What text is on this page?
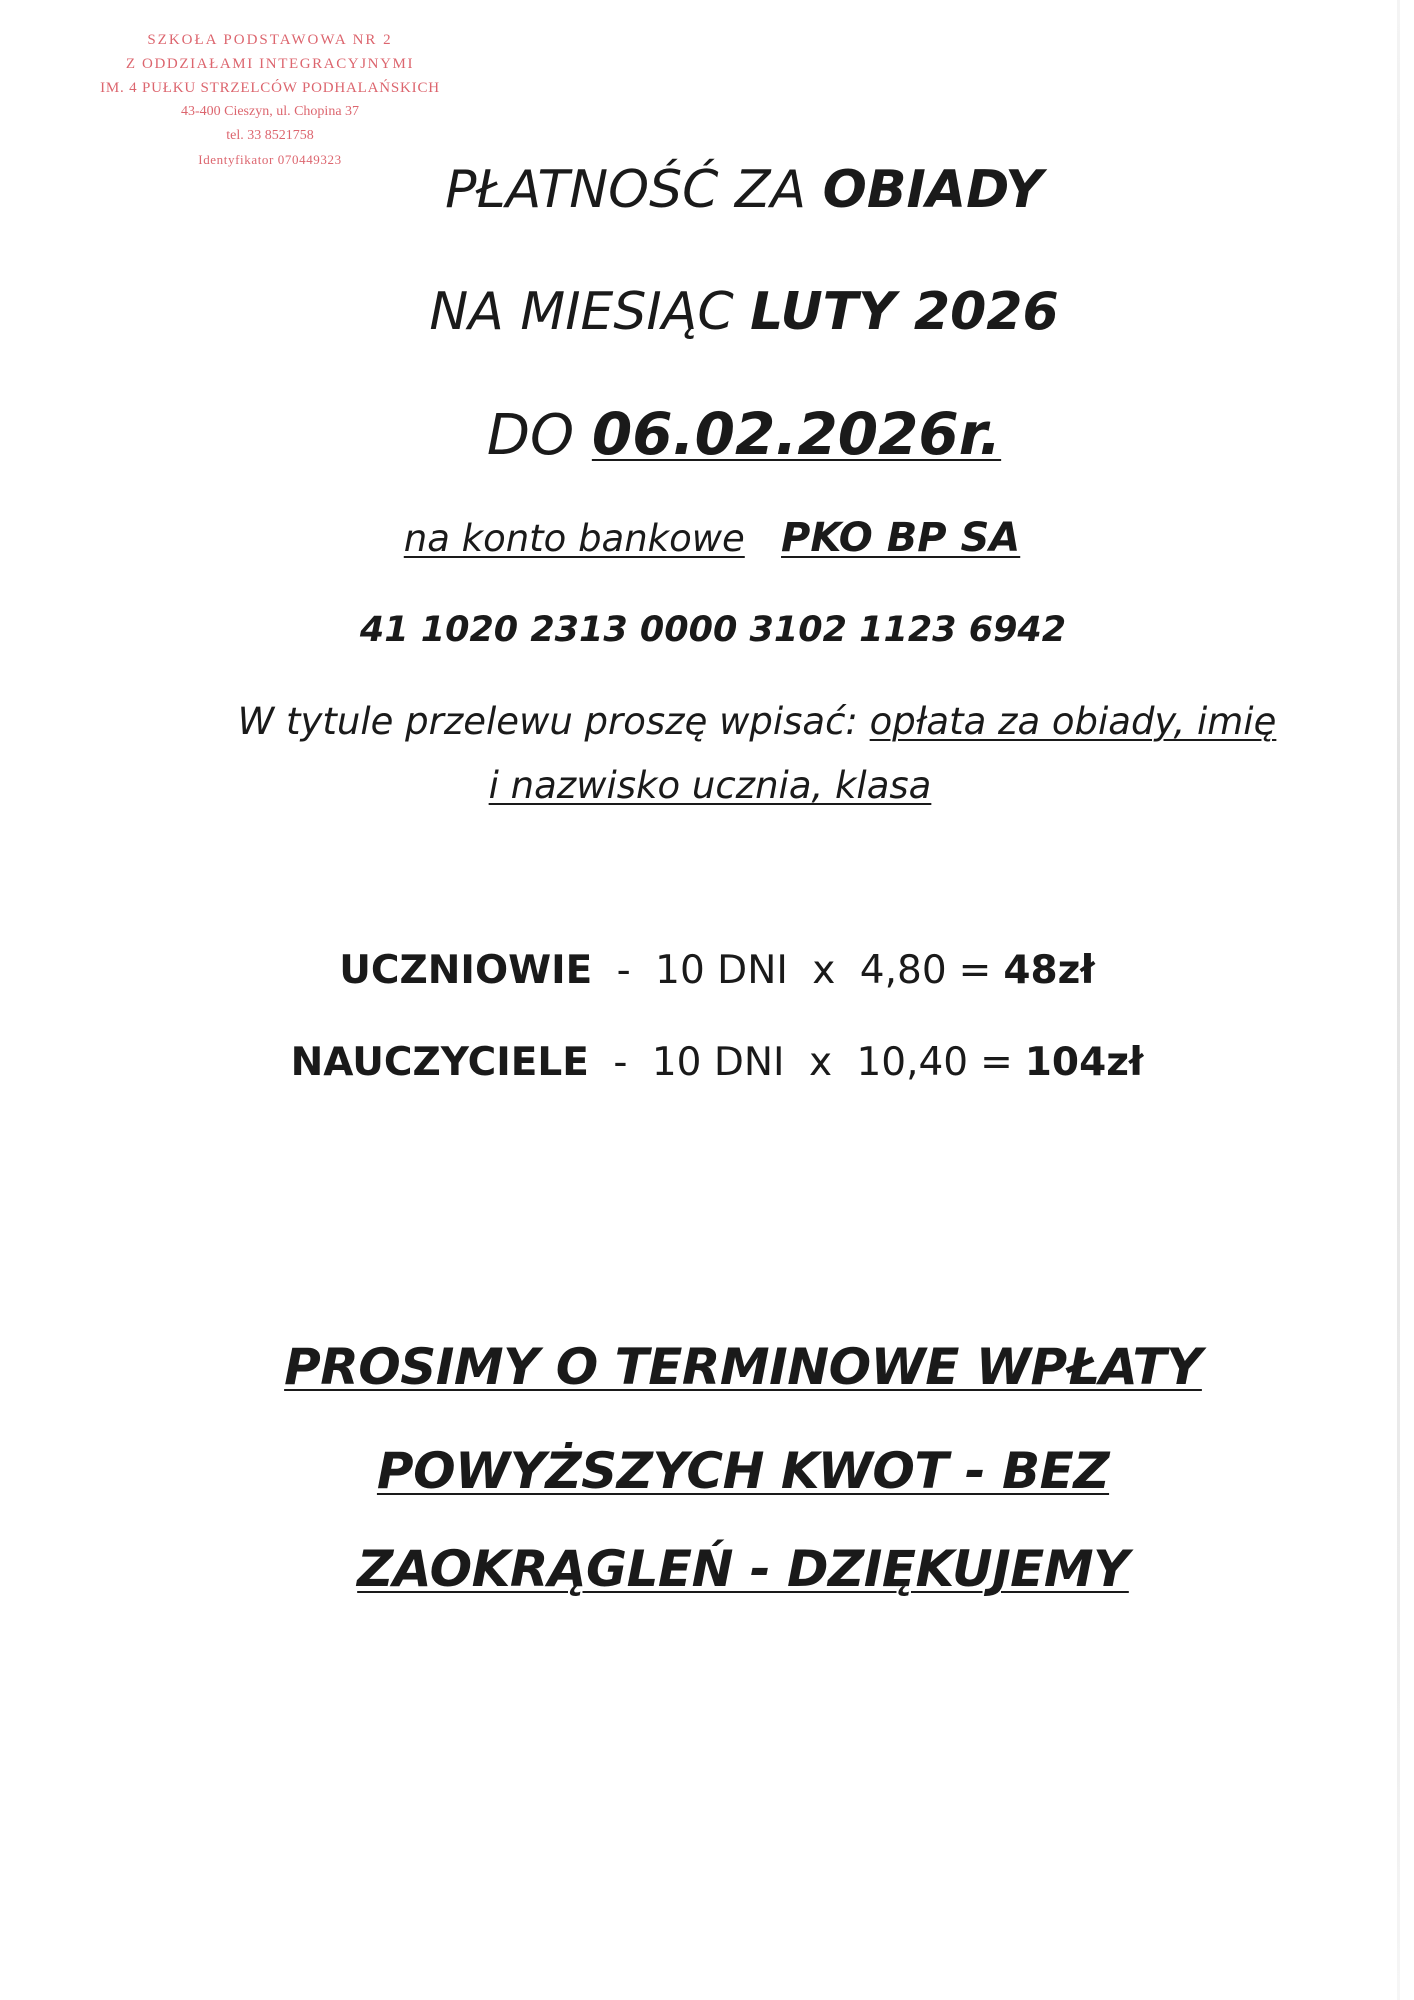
SZKOŁA PODSTAWOWA NR 2
Z ODDZIAŁAMI INTEGRACYJNYMI
IM. 4 PUŁKU STRZELCÓW PODHALAŃSKICH
43-400 Cieszyn, ul. Chopina 37
tel. 33 8521758
Identyfikator 070449323
PŁATNOŚĆ ZA OBIADY
NA MIESIĄC LUTY 2026
DO 06.02.2026r.
na konto bankowe PKO BP SA
41 1020 2313 0000 3102 1123 6942
W tytule przelewu proszę wpisać: opłata za obiady, imię
i nazwisko ucznia, klasa
UCZNIOWIE - 10 DNI x 4,80 = 48zł
NAUCZYCIELE - 10 DNI x 10,40 = 104zł
PROSIMY O TERMINOWE WPŁATY
POWYŻSZYCH KWOT - BEZ
ZAOKRĄGLEŃ - DZIĘKUJEMY
